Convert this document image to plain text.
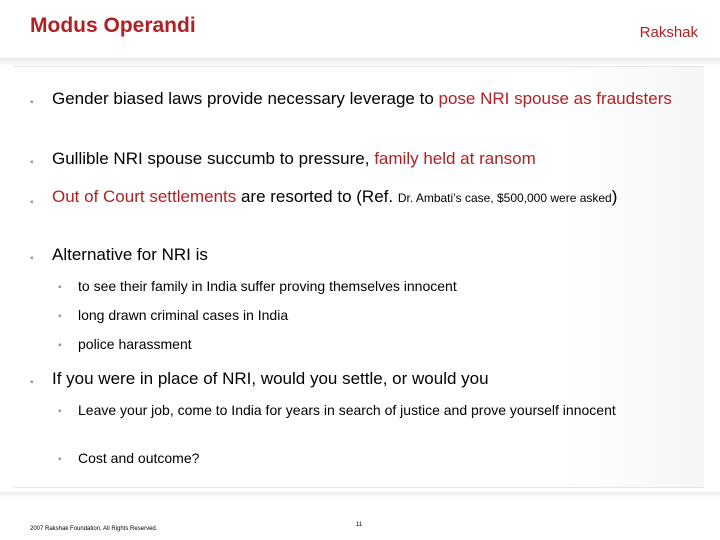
Modus Operandi	Rakshak
▪ Gender biased laws provide necessary leverage to pose NRI spouse as fraudsters
▪ Gullible NRI spouse succumb to pressure, family held at ransom
▪ Out of Court settlements are resorted to (Ref. Dr. Ambati’s case, $500,000 were asked)
▪ Alternative for NRI is
▪ to see their family in India suffer proving themselves innocent
▪ long drawn criminal cases in India
▪ police harassment
▪ If you were in place of NRI, would you settle, or would you
▪ Leave your job, come to India for years in search of justice and prove yourself innocent
▪ Cost and outcome?
2007 Rakshak Foundation. All Rights Reserved.
11
